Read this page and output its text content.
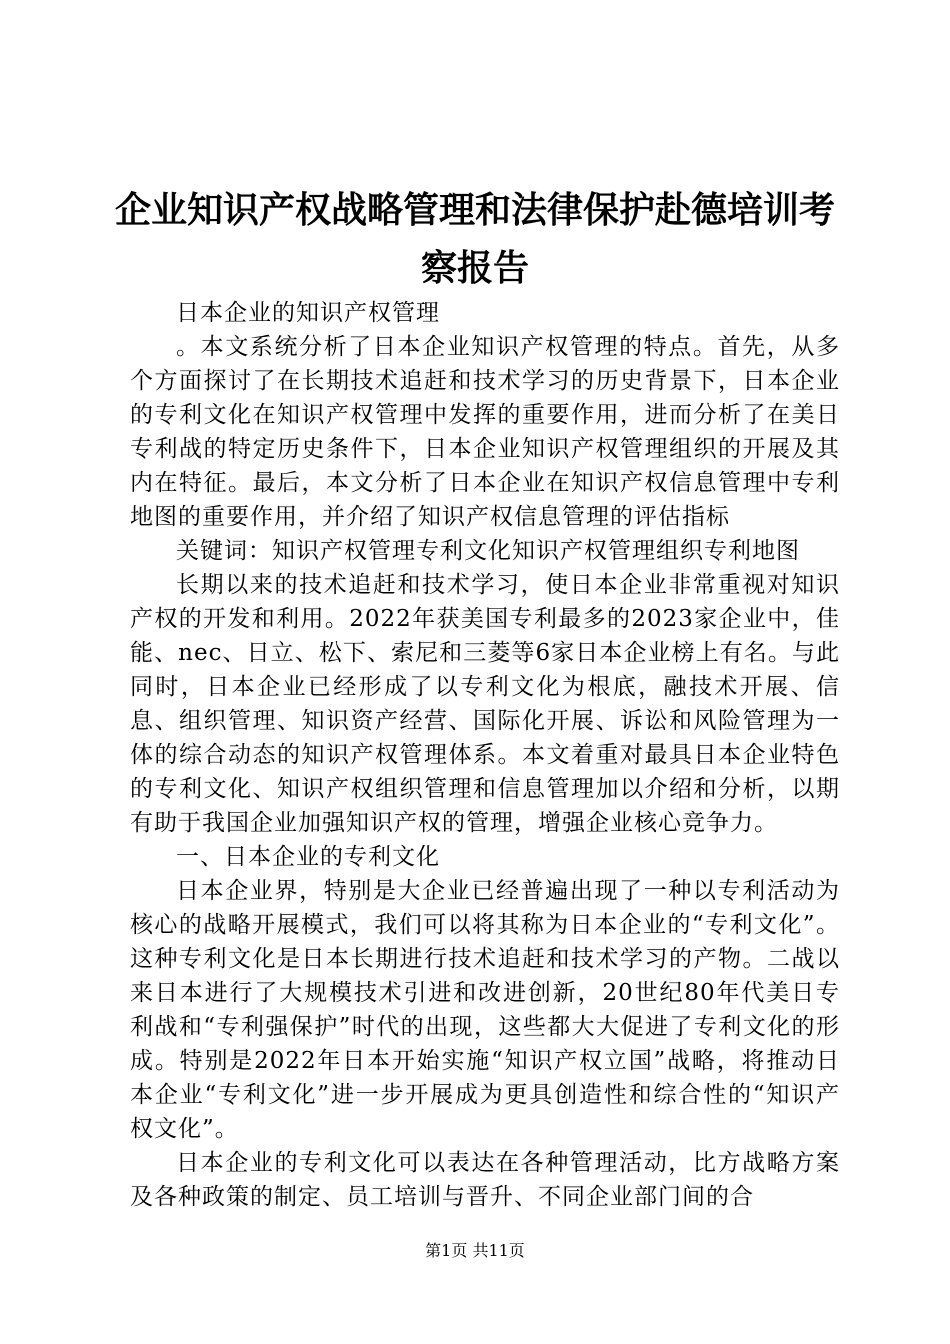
企业知识产权战略管理和法律保护赴德培训考
察报告

日本企业的知识产权管理

。本文系统分析了日本企业知识产权管理的特点。首先，从多个方面探讨了在长期技术追赶和技术学习的历史背景下，日本企业的专利文化在知识产权管理中发挥的重要作用，进而分析了在美日专利战的特定历史条件下，日本企业知识产权管理组织的开展及其内在特征。最后，本文分析了日本企业在知识产权信息管理中专利地图的重要作用，并介绍了知识产权信息管理的评估指标

关键词：知识产权管理专利文化知识产权管理组织专利地图

长期以来的技术追赶和技术学习，使日本企业非常重视对知识产权的开发和利用。2022年获美国专利最多的2023家企业中，佳能、nec、日立、松下、索尼和三菱等6家日本企业榜上有名。与此同时，日本企业已经形成了以专利文化为根底，融技术开展、信息、组织管理、知识资产经营、国际化开展、诉讼和风险管理为一体的综合动态的知识产权管理体系。本文着重对最具日本企业特色的专利文化、知识产权组织管理和信息管理加以介绍和分析，以期有助于我国企业加强知识产权的管理，增强企业核心竞争力。

一、日本企业的专利文化

日本企业界，特别是大企业已经普遍出现了一种以专利活动为核心的战略开展模式，我们可以将其称为日本企业的“专利文化”。这种专利文化是日本长期进行技术追赶和技术学习的产物。二战以来日本进行了大规模技术引进和改进创新，20世纪80年代美日专利战和“专利强保护”时代的出现，这些都大大促进了专利文化的形成。特别是2022年日本开始实施“知识产权立国”战略，将推动日本企业“专利文化”进一步开展成为更具创造性和综合性的“知识产权文化”。

日本企业的专利文化可以表达在各种管理活动，比方战略方案及各种政策的制定、员工培训与晋升、不同企业部门间的合

第1页 共11页
